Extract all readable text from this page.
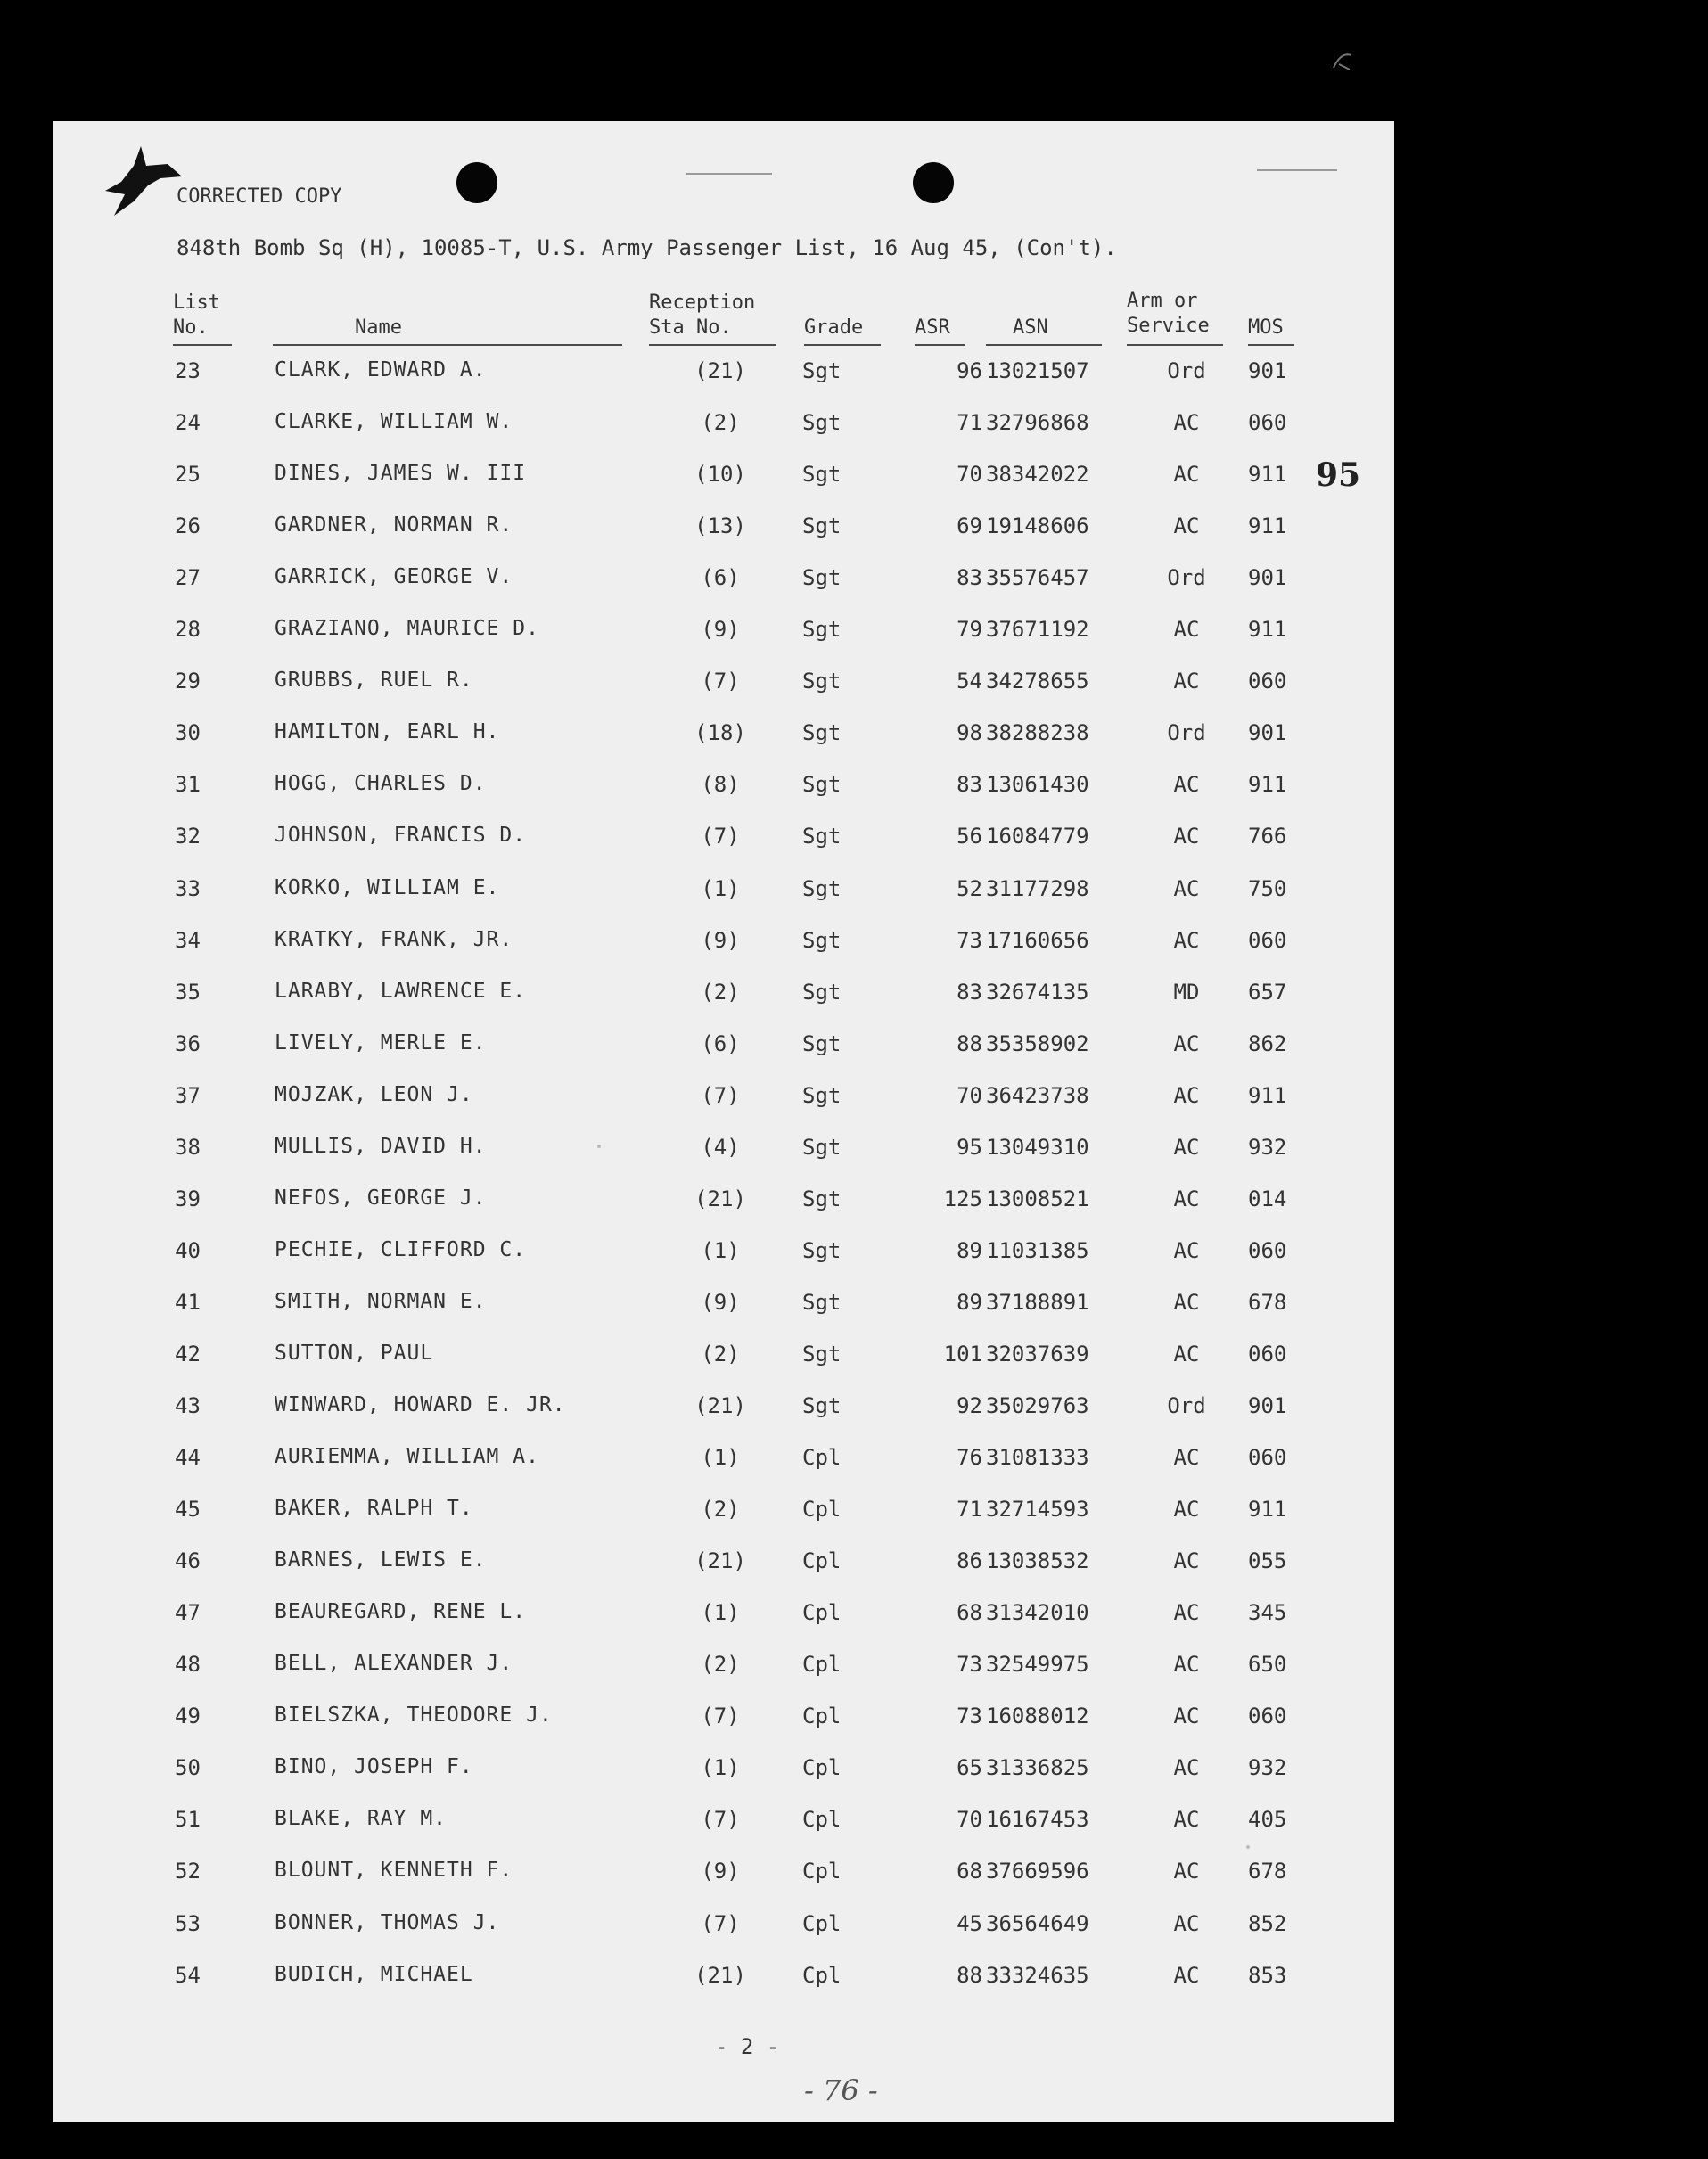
CORRECTED COPY
848th Bomb Sq (H), 10085-T, U.S. Army Passenger List, 16 Aug 45, (Con't).
List
No.	Name
Reception
Sta No.	Grade	ASR	ASN
Arm or
Service MOS
23	CLARK, EDWARD A.	(21)	Sgt	96 13021507	Ord	901
24	CLARKE, WILLIAM W.	(2)	Sgt	71 32796868	AC	060
25	DINES, JAMES W. III	(10)	Sgt	70 38342022	AC	911
26	GARDNER, NORMAN R.	(13)	Sgt	69 19148606	AC	911
27	GARRICK, GEORGE V.	(6)	Sgt	83 35576457	Ord	901
28	GRAZIANO, MAURICE D.	(9)	Sgt	79 37671192	AC	911
29	GRUBBS, RUEL R.	(7)	Sgt	54 34278655	AC	060
30	HAMILTON, EARL H.	(18)	Sgt	98 38288238	Ord	901
31	HOGG, CHARLES D.	(8)	Sgt	83 13061430	AC	911
32	JOHNSON, FRANCIS D.	(7)	Sgt	56 16084779	AC	766
33	KORKO, WILLIAM E.	(1)	Sgt	52 31177298	AC	750
34	KRATKY, FRANK, JR.	(9)	Sgt	73 17160656	AC	060
35	LARABY, LAWRENCE E.	(2)	Sgt	83 32674135	MD	657
36	LIVELY, MERLE E.	(6)	Sgt	88 35358902	AC	862
37	MOJZAK, LEON J.	(7)	Sgt	70 36423738	AC	911
38	MULLIS, DAVID H.	(4)	Sgt	95 13049310	AC	932
39	NEFOS, GEORGE J.	(21)	Sgt	125 13008521	AC	014
40	PECHIE, CLIFFORD C.	(1)	Sgt	89 11031385	AC	060
41	SMITH, NORMAN E.	(9)	Sgt	89 37188891	AC	678
42	SUTTON, PAUL	(2)	Sgt	101 32037639	AC	060
43	WINWARD, HOWARD E. JR.	(21)	Sgt	92 35029763	Ord	901
44	AURIEMMA, WILLIAM A.	(1)	Cpl	76 31081333	AC	060
45	BAKER, RALPH T.	(2)	Cpl	71 32714593	AC	911
46	BARNES, LEWIS E.	(21)	Cpl	86 13038532	AC	055
47	BEAUREGARD, RENE L.	(1)	Cpl	68 31342010	AC	345
48	BELL, ALEXANDER J.	(2)	Cpl	73 32549975	AC	650
49	BIELSZKA, THEODORE J.	(7)	Cpl	73 16088012	AC	060
50	BINO, JOSEPH F.	(1)	Cpl	65 31336825	AC	932
51	BLAKE, RAY M.	(7)	Cpl	70 16167453	AC	405
52	BLOUNT, KENNETH F.	(9)	Cpl	68 37669596	AC	678
53	BONNER, THOMAS J.	(7)	Cpl	45 36564649	AC	852
54	BUDICH, MICHAEL	(21)	Cpl	88 33324635	AC	853
95
- 2 -
- 76 -
